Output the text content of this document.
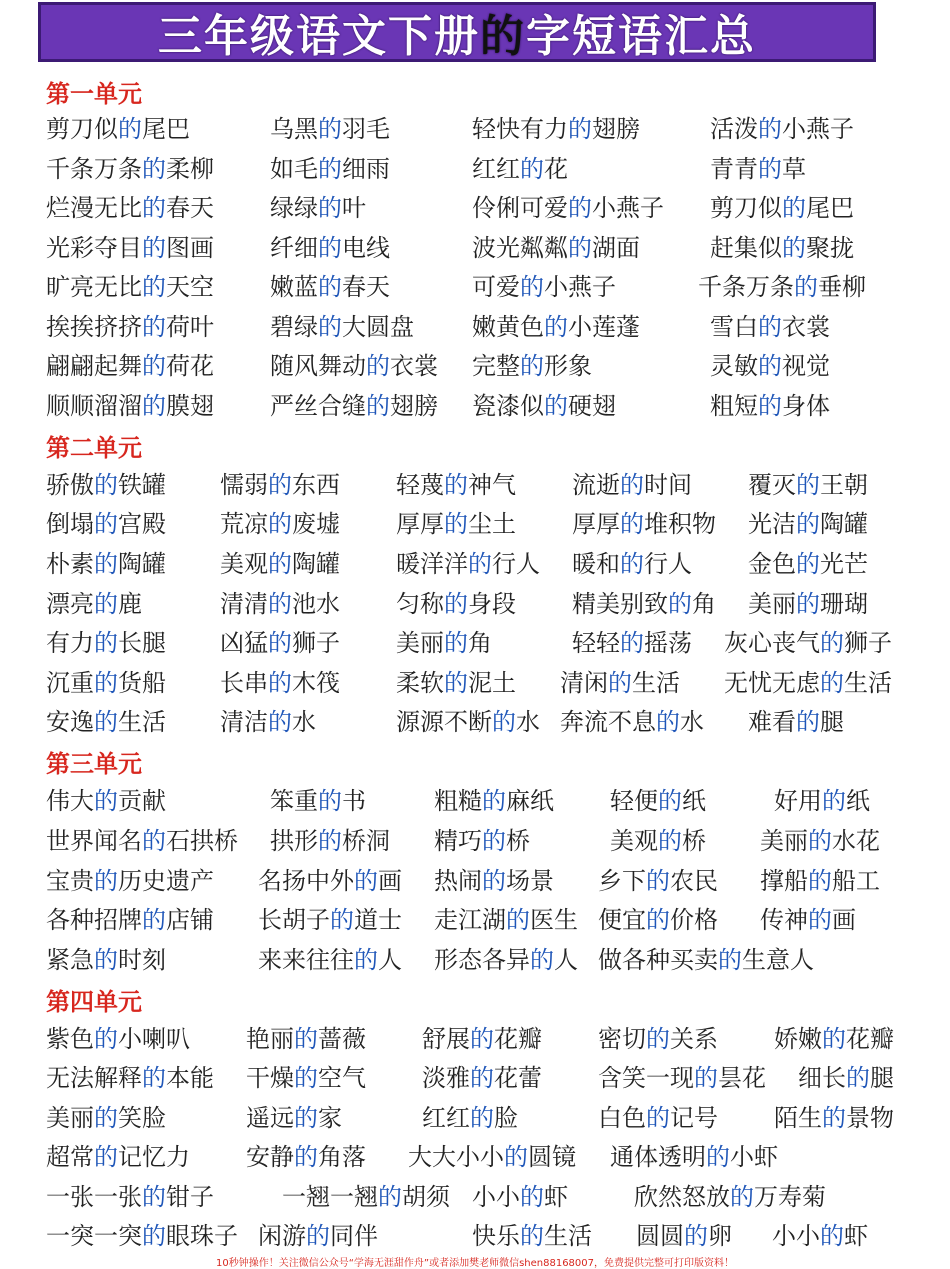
三年级语文下册的字短语汇总
第一单元
剪刀似的尾巴	乌黑的羽毛	轻快有力的翅膀	活泼的小燕子
千条万条的柔柳 如毛的细雨	红红的花	青青的草
烂漫无比的春天 绿绿的叶	伶俐可爱的小燕子 剪刀似的尾巴
光彩夺目的图画 纤细的电线	波光粼粼的湖面	赶集似的聚拢
旷亮无比的天空 嫩蓝的春天	可爱的小燕子	千条万条的垂柳
挨挨挤挤的荷叶 碧绿的大圆盘 嫩黄色的小莲蓬	雪白的衣裳
翩翩起舞的荷花 随风舞动的衣裳 完整的形象	灵敏的视觉
顺顺溜溜的膜翅 严丝合缝的翅膀 瓷漆似的硬翅	粗短的身体
第二单元
骄傲的铁罐 懦弱的东西 轻蔑的神气 流逝的时间 覆灭的王朝
倒塌的宫殿 荒凉的废墟 厚厚的尘土 厚厚的堆积物 光洁的陶罐
朴素的陶罐 美观的陶罐 暖洋洋的行人 暖和的行人 金色的光芒
漂亮的鹿	清清的池水 匀称的身段 精美别致的角 美丽的珊瑚
有力的长腿 凶猛的狮子 美丽的角	轻轻的摇荡 灰心丧气的狮子
沉重的货船 长串的木筏 柔软的泥土 清闲的生活 无忧无虑的生活
安逸的生活 清洁的水	源源不断的水 奔流不息的水 难看的腿
第三单元
伟大的贡献	笨重的书	粗糙的麻纸 轻便的纸	好用的纸
世界闻名的石拱桥 拱形的桥洞 精巧的桥	美观的桥 美丽的水花
宝贵的历史遗产 名扬中外的画 热闹的场景 乡下的农民 撑船的船工
各种招牌的店铺 长胡子的道士 走江湖的医生 便宜的价格 传神的画
紧急的时刻	来来往往的人 形态各异的人 做各种买卖的生意人
第四单元
紫色的小喇叭 艳丽的蔷薇 舒展的花瓣 密切的关系 娇嫩的花瓣
无法解释的本能 干燥的空气 淡雅的花蕾 含笑一现的昙花 细长的腿
美丽的笑脸	遥远的家	红红的脸	白色的记号 陌生的景物
超常的记忆力 安静的角落 大大小小的圆镜 通体透明的小虾
一张一张的钳子	一翘一翘的胡须 小小的虾	欣然怒放的万寿菊
一突一突的眼珠子 闲游的同伴	快乐的生活 圆圆的卵 小小的虾
10秒钟操作！关注微信公众号“学海无涯甜作舟”或者添加樊老师微信shen88168007，免费提供完整可打印版资料！
